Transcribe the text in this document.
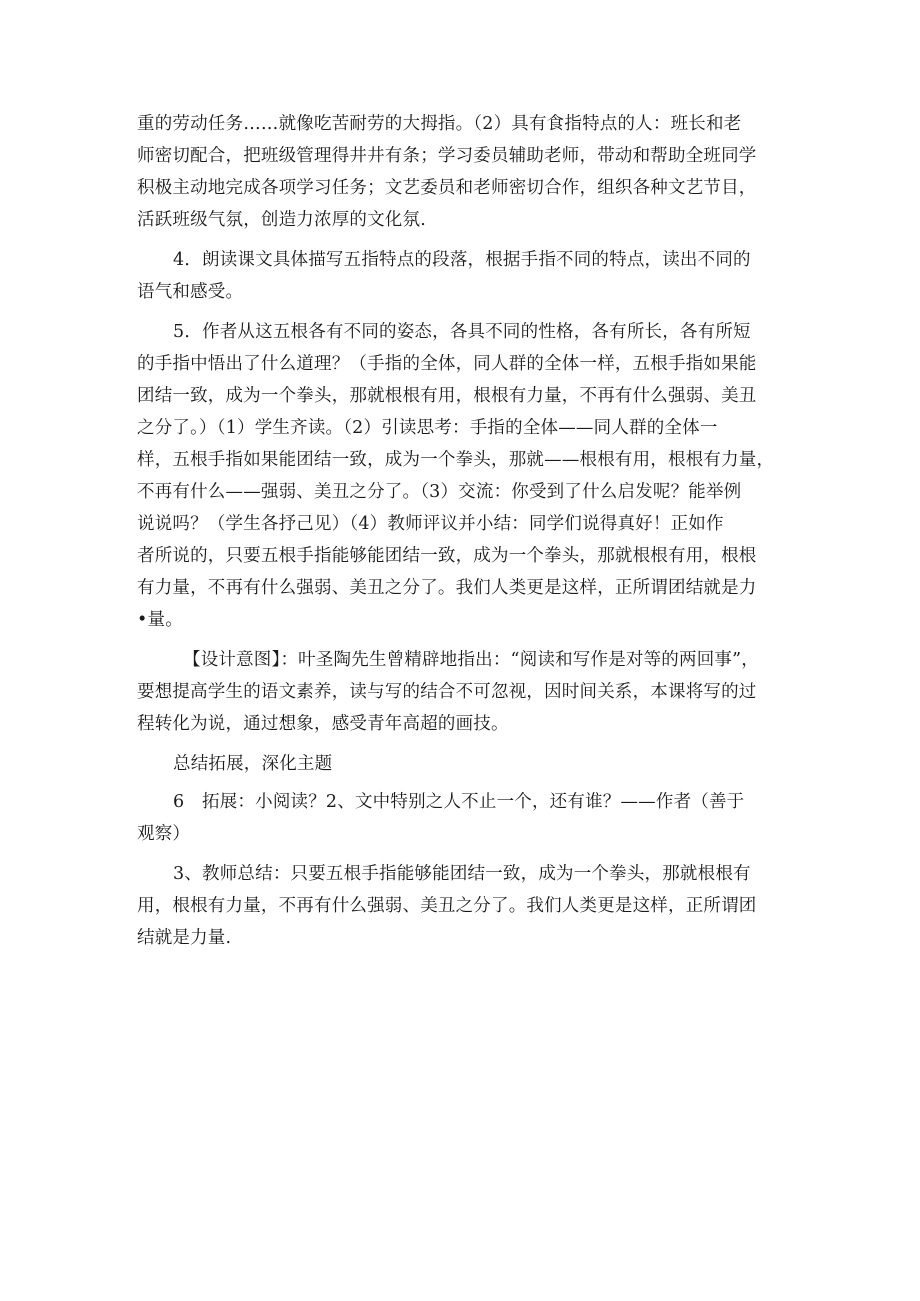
重的劳动任务……就像吃苦耐劳的大拇指。（2）具有食指特点的人：班长和老
师密切配合，把班级管理得井井有条；学习委员辅助老师，带动和帮助全班同学
积极主动地完成各项学习任务；文艺委员和老师密切合作，组织各种文艺节目，
活跃班级气氛，创造力浓厚的文化氛.
4．朗读课文具体描写五指特点的段落，根据手指不同的特点，读出不同的
语气和感受。
5．作者从这五根各有不同的姿态，各具不同的性格，各有所长，各有所短
的手指中悟出了什么道理？（手指的全体，同人群的全体一样，五根手指如果能
团结一致，成为一个拳头，那就根根有用，根根有力量，不再有什么强弱、美丑
之分了。）（1）学生齐读。（2）引读思考：手指的全体——同人群的全体一
样，五根手指如果能团结一致，成为一个拳头，那就——根根有用，根根有力量，
不再有什么——强弱、美丑之分了。（3）交流：你受到了什么启发呢？能举例
说说吗？（学生各抒己见）（4）教师评议并小结：同学们说得真好！正如作
者所说的，只要五根手指能够能团结一致，成为一个拳头，那就根根有用，根根
有力量，不再有什么强弱、美丑之分了。我们人类更是这样，正所谓团结就是力
•量。
【设计意图】：叶圣陶先生曾精辟地指出：“阅读和写作是对等的两回事”，
要想提高学生的语文素养，读与写的结合不可忽视，因时间关系，本课将写的过
程转化为说，通过想象，感受青年高超的画技。
总结拓展，深化主题
6　拓展：小阅读？2、文中特别之人不止一个，还有谁？——作者（善于
观察）
3、教师总结：只要五根手指能够能团结一致，成为一个拳头，那就根根有
用，根根有力量，不再有什么强弱、美丑之分了。我们人类更是这样，正所谓团
结就是力量.
